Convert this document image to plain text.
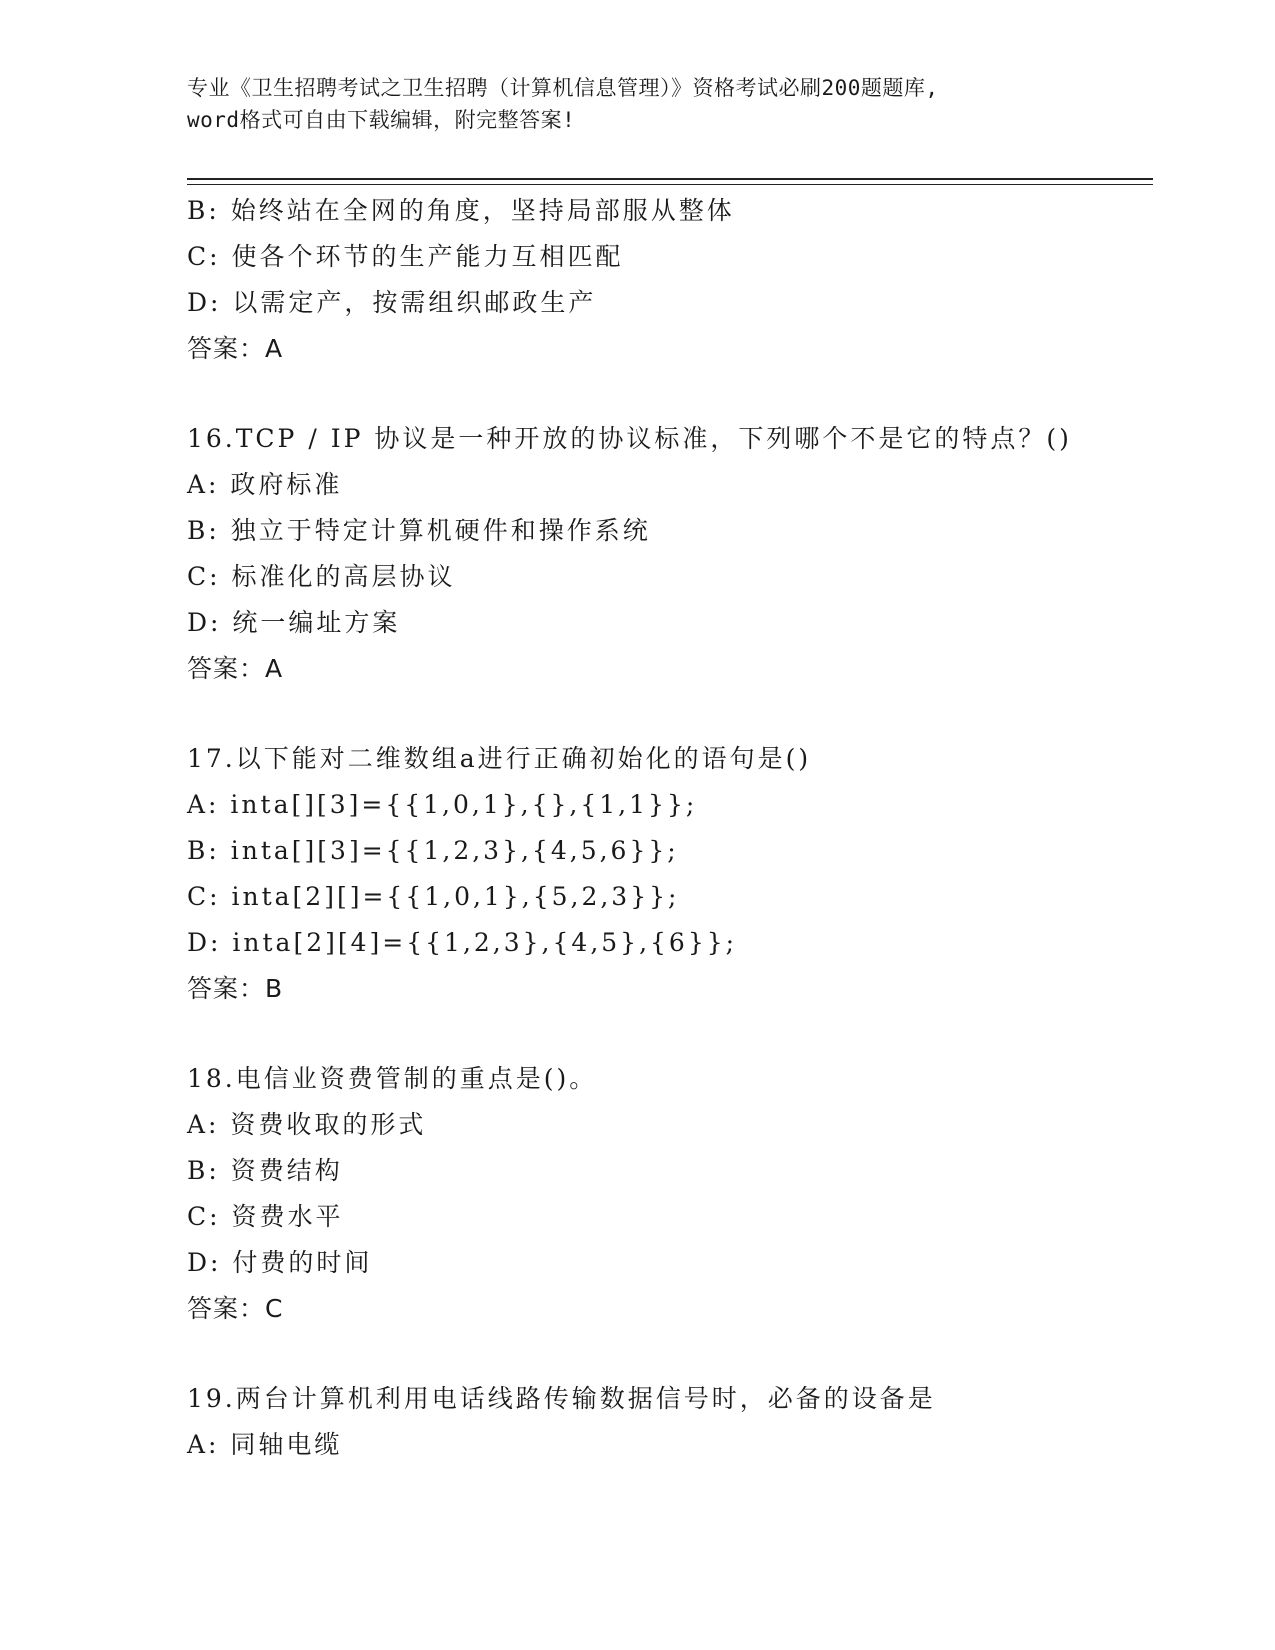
专业《卫生招聘考试之卫生招聘（计算机信息管理）》资格考试必刷200题题库,
word格式可自由下载编辑，附完整答案!
B: 始终站在全网的角度，坚持局部服从整体
C: 使各个环节的生产能力互相匹配
D: 以需定产，按需组织邮政生产
答案：A
16.TCP / IP 协议是一种开放的协议标准，下列哪个不是它的特点？()
A: 政府标准
B: 独立于特定计算机硬件和操作系统
C: 标准化的高层协议
D: 统一编址方案
答案：A
17.以下能对二维数组a进行正确初始化的语句是()
A: inta[][3]={{1,0,1},{},{1,1}};
B: inta[][3]={{1,2,3},{4,5,6}};
C: inta[2][]={{1,0,1},{5,2,3}};
D: inta[2][4]={{1,2,3},{4,5},{6}};
答案：B
18.电信业资费管制的重点是()。
A: 资费收取的形式
B: 资费结构
C: 资费水平
D: 付费的时间
答案：C
19.两台计算机利用电话线路传输数据信号时，必备的设备是
A: 同轴电缆
